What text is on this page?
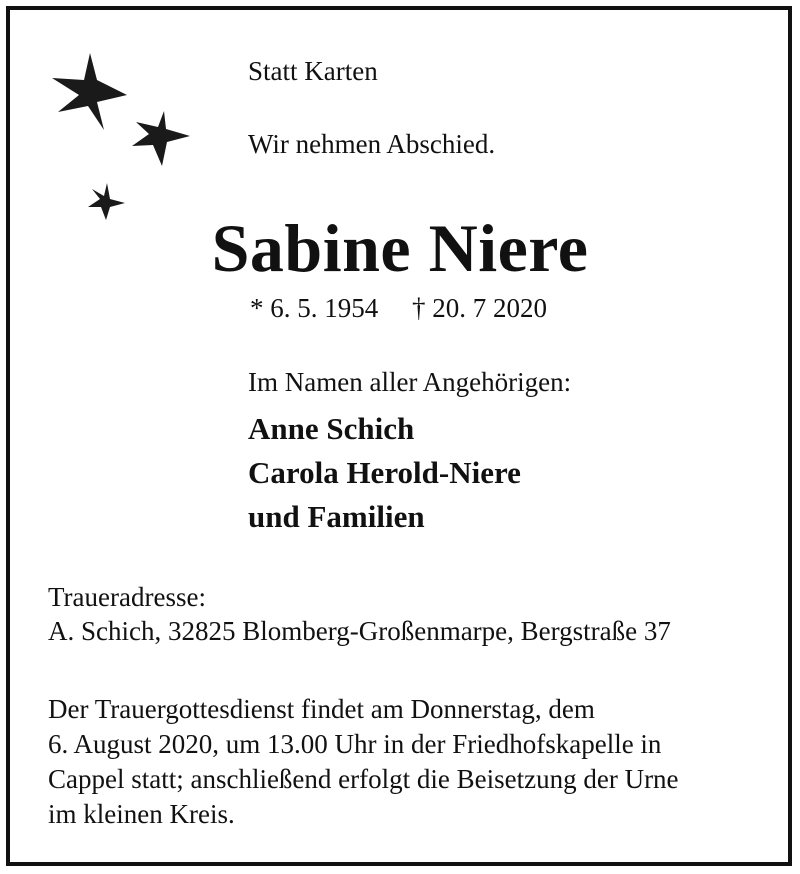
Statt Karten
Wir nehmen Abschied.
Sabine Niere
* 6. 5. 1954 † 20. 7 2020
Im Namen aller Angehörigen:
Anne Schich
Carola Herold-Niere
und Familien
Traueradresse:
A. Schich, 32825 Blomberg-Großenmarpe, Bergstraße 37
Der Trauergottesdienst findet am Donnerstag, dem
6. August 2020, um 13.00 Uhr in der Friedhofskapelle in
Cappel statt; anschließend erfolgt die Beisetzung der Urne
im kleinen Kreis.
